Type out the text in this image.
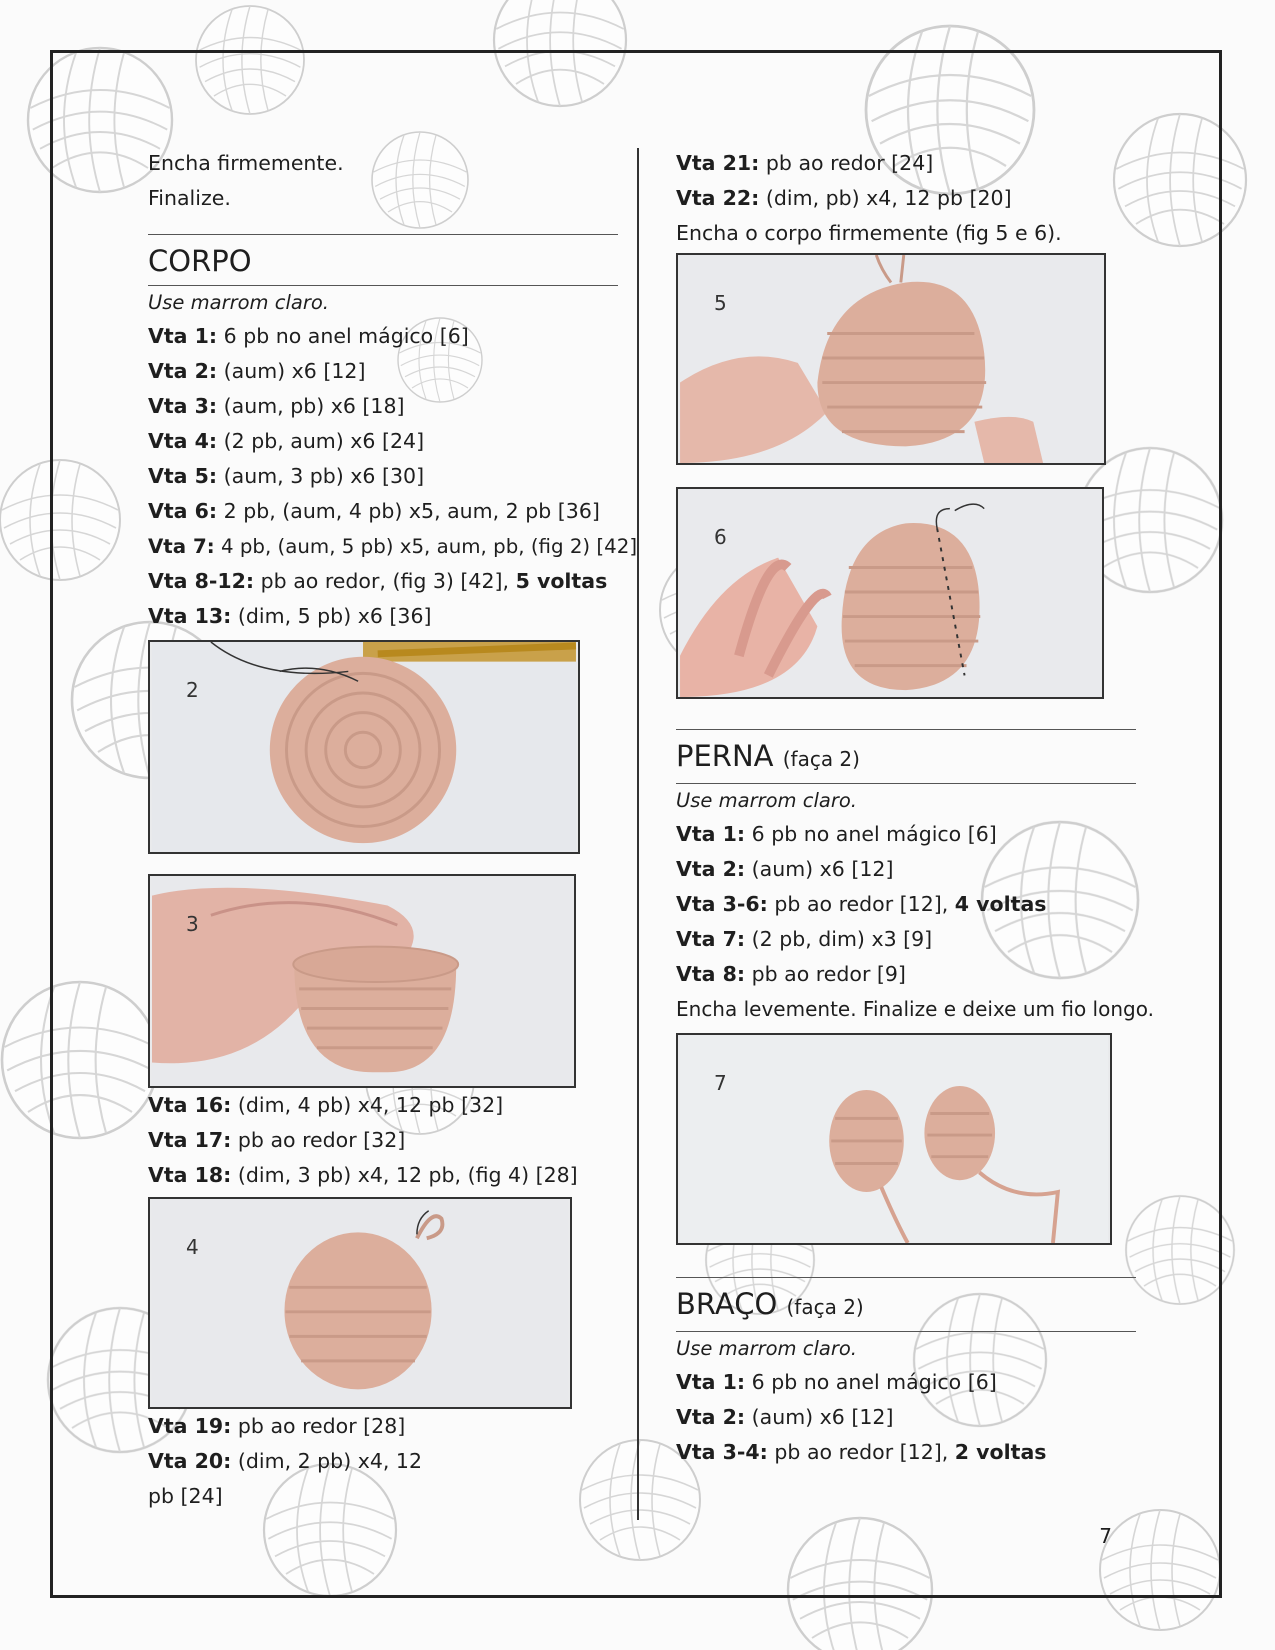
Encha firmemente.
Finalize.
CORPO
Use marrom claro.
Vta 1: 6 pb no anel mágico [6]
Vta 2: (aum) x6 [12]
Vta 3: (aum, pb) x6 [18]
Vta 4: (2 pb, aum) x6 [24]
Vta 5: (aum, 3 pb) x6 [30]
Vta 6: 2 pb, (aum, 4 pb) x5, aum, 2 pb [36]
Vta 7: 4 pb, (aum, 5 pb) x5, aum, pb, (fig 2) [42]
Vta 8-12: pb ao redor, (fig 3) [42], 5 voltas
Vta 13: (dim, 5 pb) x6 [36]
2
3
Vta 16: (dim, 4 pb) x4, 12 pb [32]
Vta 17: pb ao redor [32]
Vta 18: (dim, 3 pb) x4, 12 pb, (fig 4) [28]
4
Vta 19: pb ao redor [28]
Vta 20: (dim, 2 pb) x4, 12 pb [24]
Vta 21: pb ao redor [24]
Vta 22: (dim, pb) x4, 12 pb [20] Encha o corpo firmemente (fig 5 e 6).
5
6
PERNA (faça 2)
Use marrom claro.
Vta 1: 6 pb no anel mágico [6]
Vta 2: (aum) x6 [12]
Vta 3-6: pb ao redor [12], 4 voltas
Vta 7: (2 pb, dim) x3 [9]
Vta 8: pb ao redor [9]
Encha levemente. Finalize e deixe um fio longo.
7
BRAÇO (faça 2)
Use marrom claro.
Vta 1: 6 pb no anel mágico [6]
Vta 2: (aum) x6 [12]
Vta 3-4: pb ao redor [12], 2 voltas
7
